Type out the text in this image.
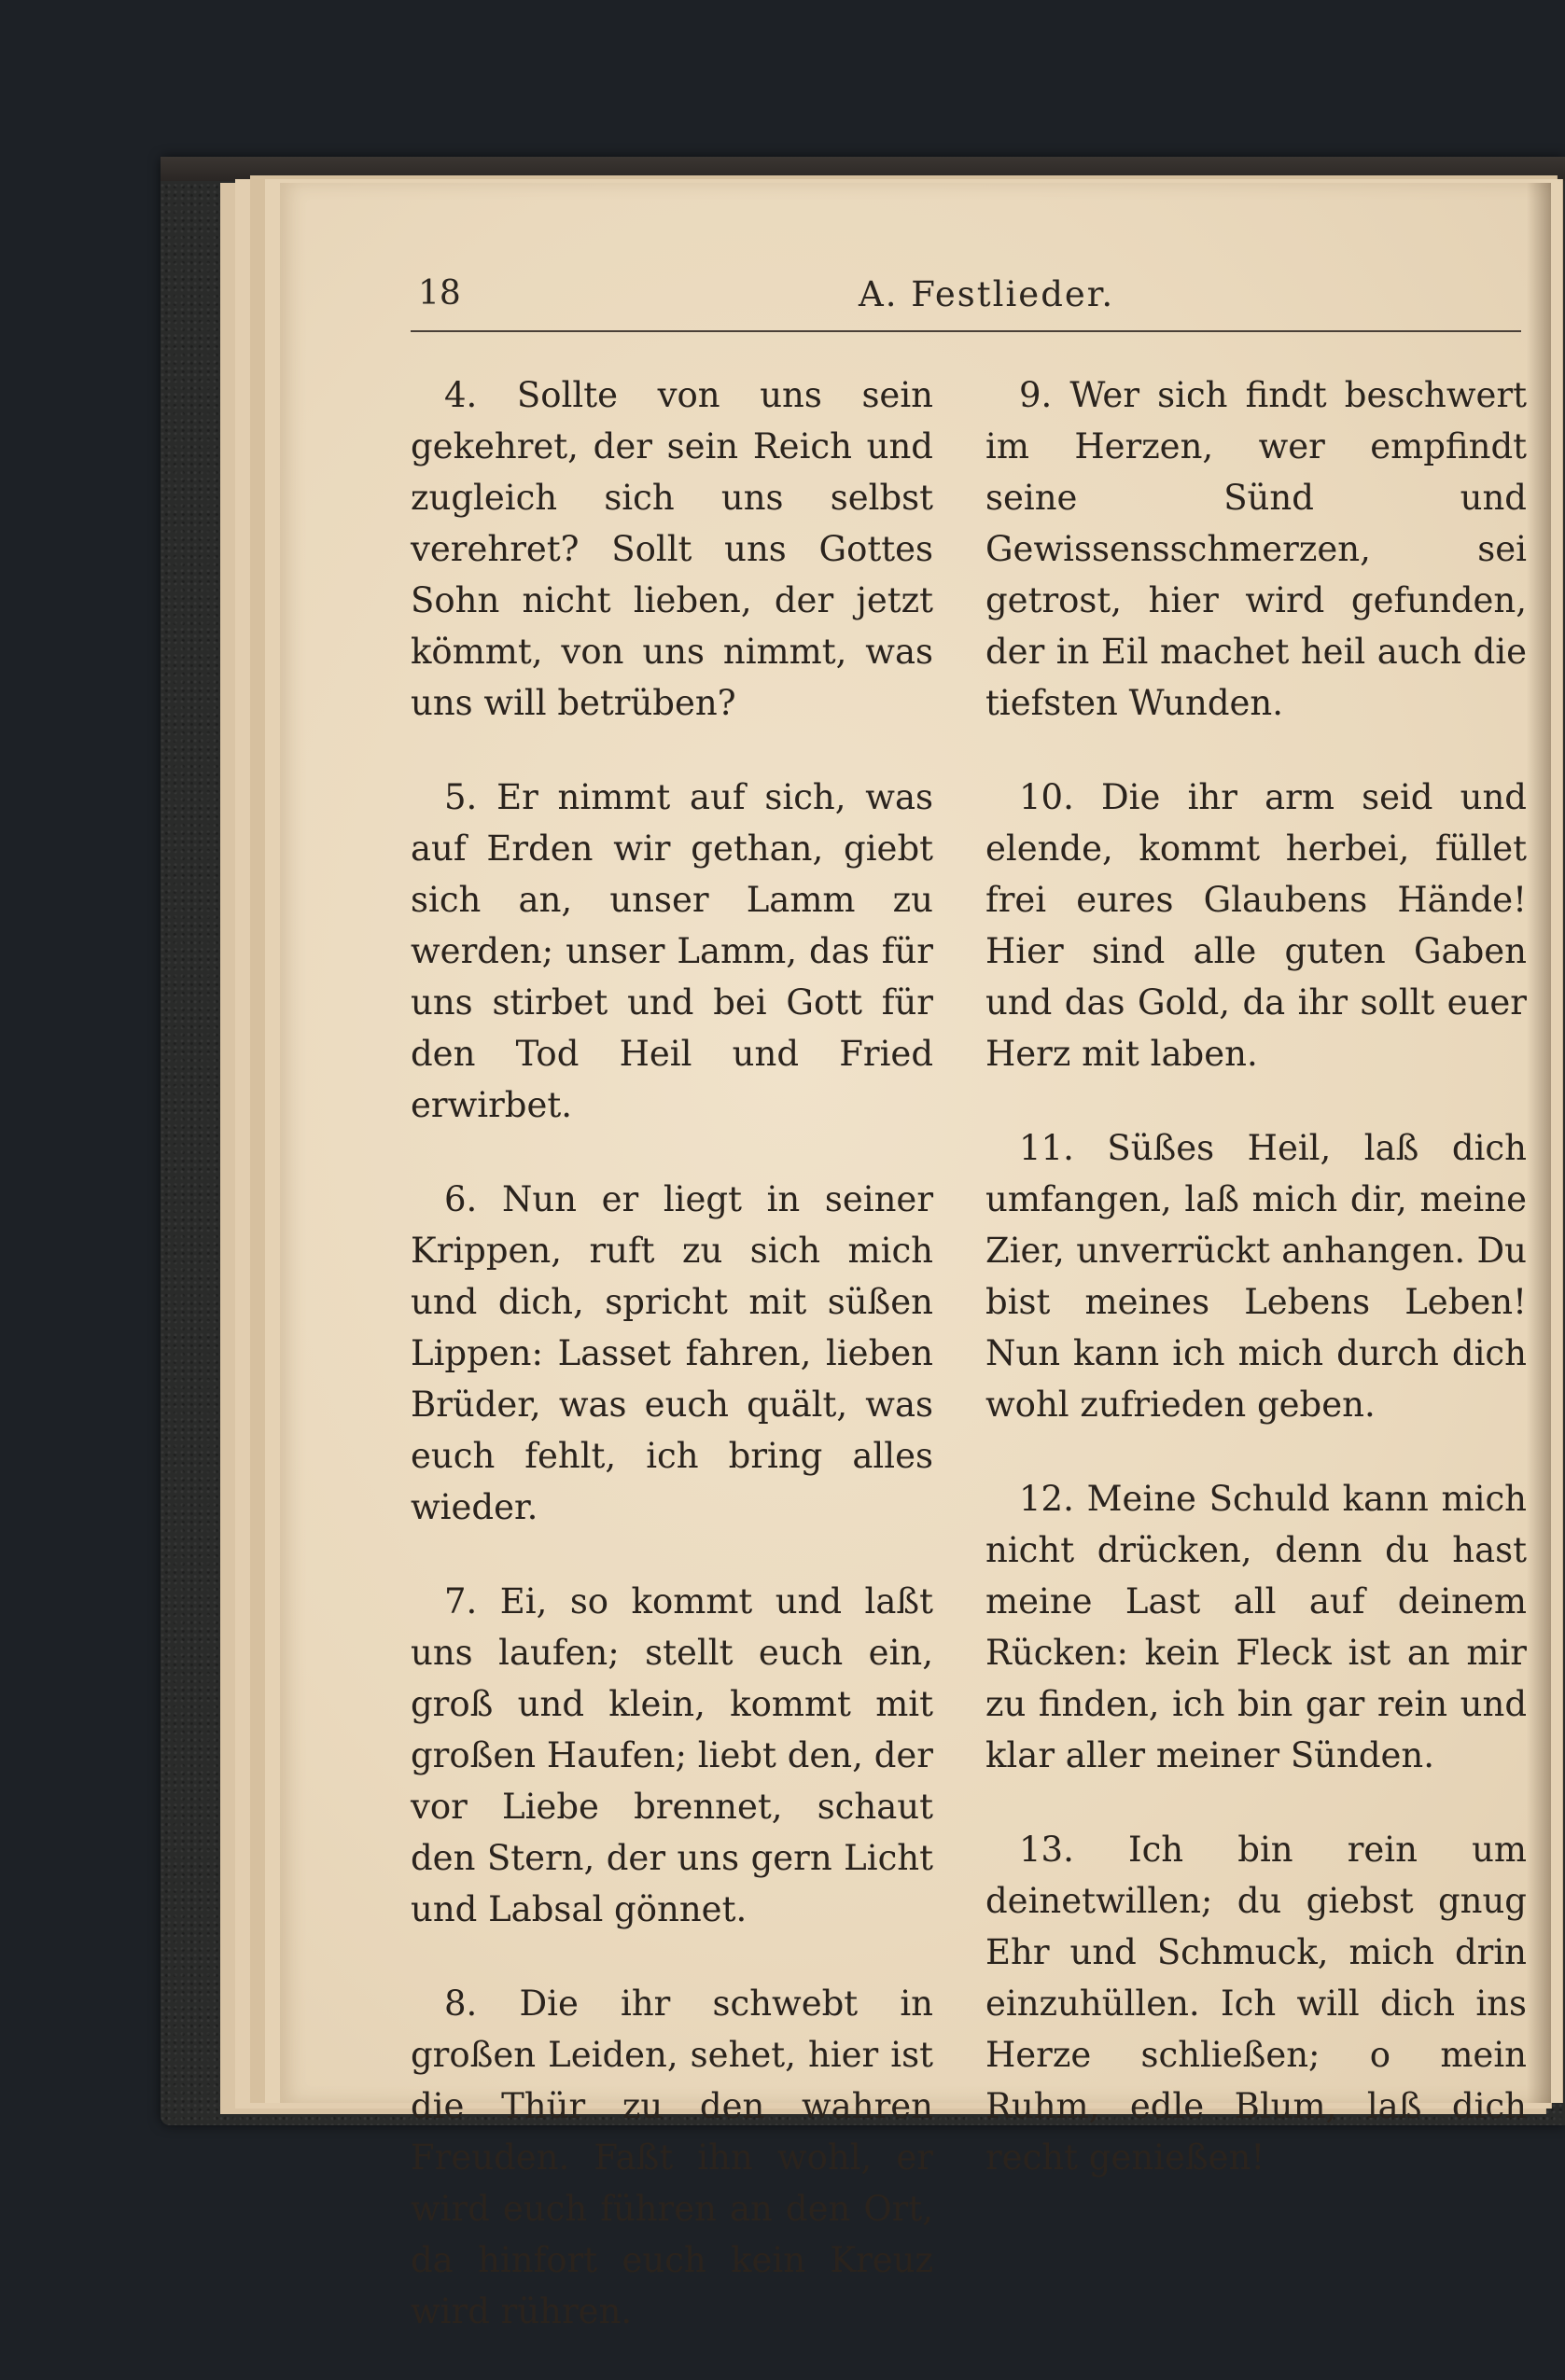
18	A. Festlieder.

4. Sollte von uns sein gekehret, der sein Reich und zugleich sich uns selbst verehret? Sollt uns Gottes Sohn nicht lieben, der jetzt kömmt, von uns nimmt, was uns will betrüben?

5. Er nimmt auf sich, was auf Erden wir gethan, giebt sich an, unser Lamm zu werden; unser Lamm, das für uns stirbet und bei Gott für den Tod Heil und Fried erwirbet.

6. Nun er liegt in seiner Krippen, ruft zu sich mich und dich, spricht mit süßen Lippen: Lasset fahren, lieben Brüder, was euch quält, was euch fehlt, ich bring alles wieder.

7. Ei, so kommt und laßt uns laufen; stellt euch ein, groß und klein, kommt mit großen Haufen; liebt den, der vor Liebe brennet, schaut den Stern, der uns gern Licht und Labsal gönnet.

8. Die ihr schwebt in großen Leiden, sehet, hier ist die Thür zu den wahren Freuden. Faßt ihn wohl, er wird euch führen an den Ort, da hinfort euch kein Kreuz wird rühren.

9. Wer sich findt beschwert im Herzen, wer empfindt seine Sünd und Gewissensschmerzen, sei getrost, hier wird gefunden, der in Eil machet heil auch die tiefsten Wunden.

10. Die ihr arm seid und elende, kommt herbei, füllet frei eures Glaubens Hände! Hier sind alle guten Gaben und das Gold, da ihr sollt euer Herz mit laben.

11. Süßes Heil, laß dich umfangen, laß mich dir, meine Zier, unverrückt anhangen. Du bist meines Lebens Leben! Nun kann ich mich durch dich wohl zufrieden geben.

12. Meine Schuld kann mich nicht drücken, denn du hast meine Last all auf deinem Rücken: kein Fleck ist an mir zu finden, ich bin gar rein und klar aller meiner Sünden.

13. Ich bin rein um deinetwillen; du giebst gnug Ehr und Schmuck, mich drin einzuhüllen. Ich will dich ins Herze schließen; o mein Ruhm, edle Blum, laß dich recht genießen!
